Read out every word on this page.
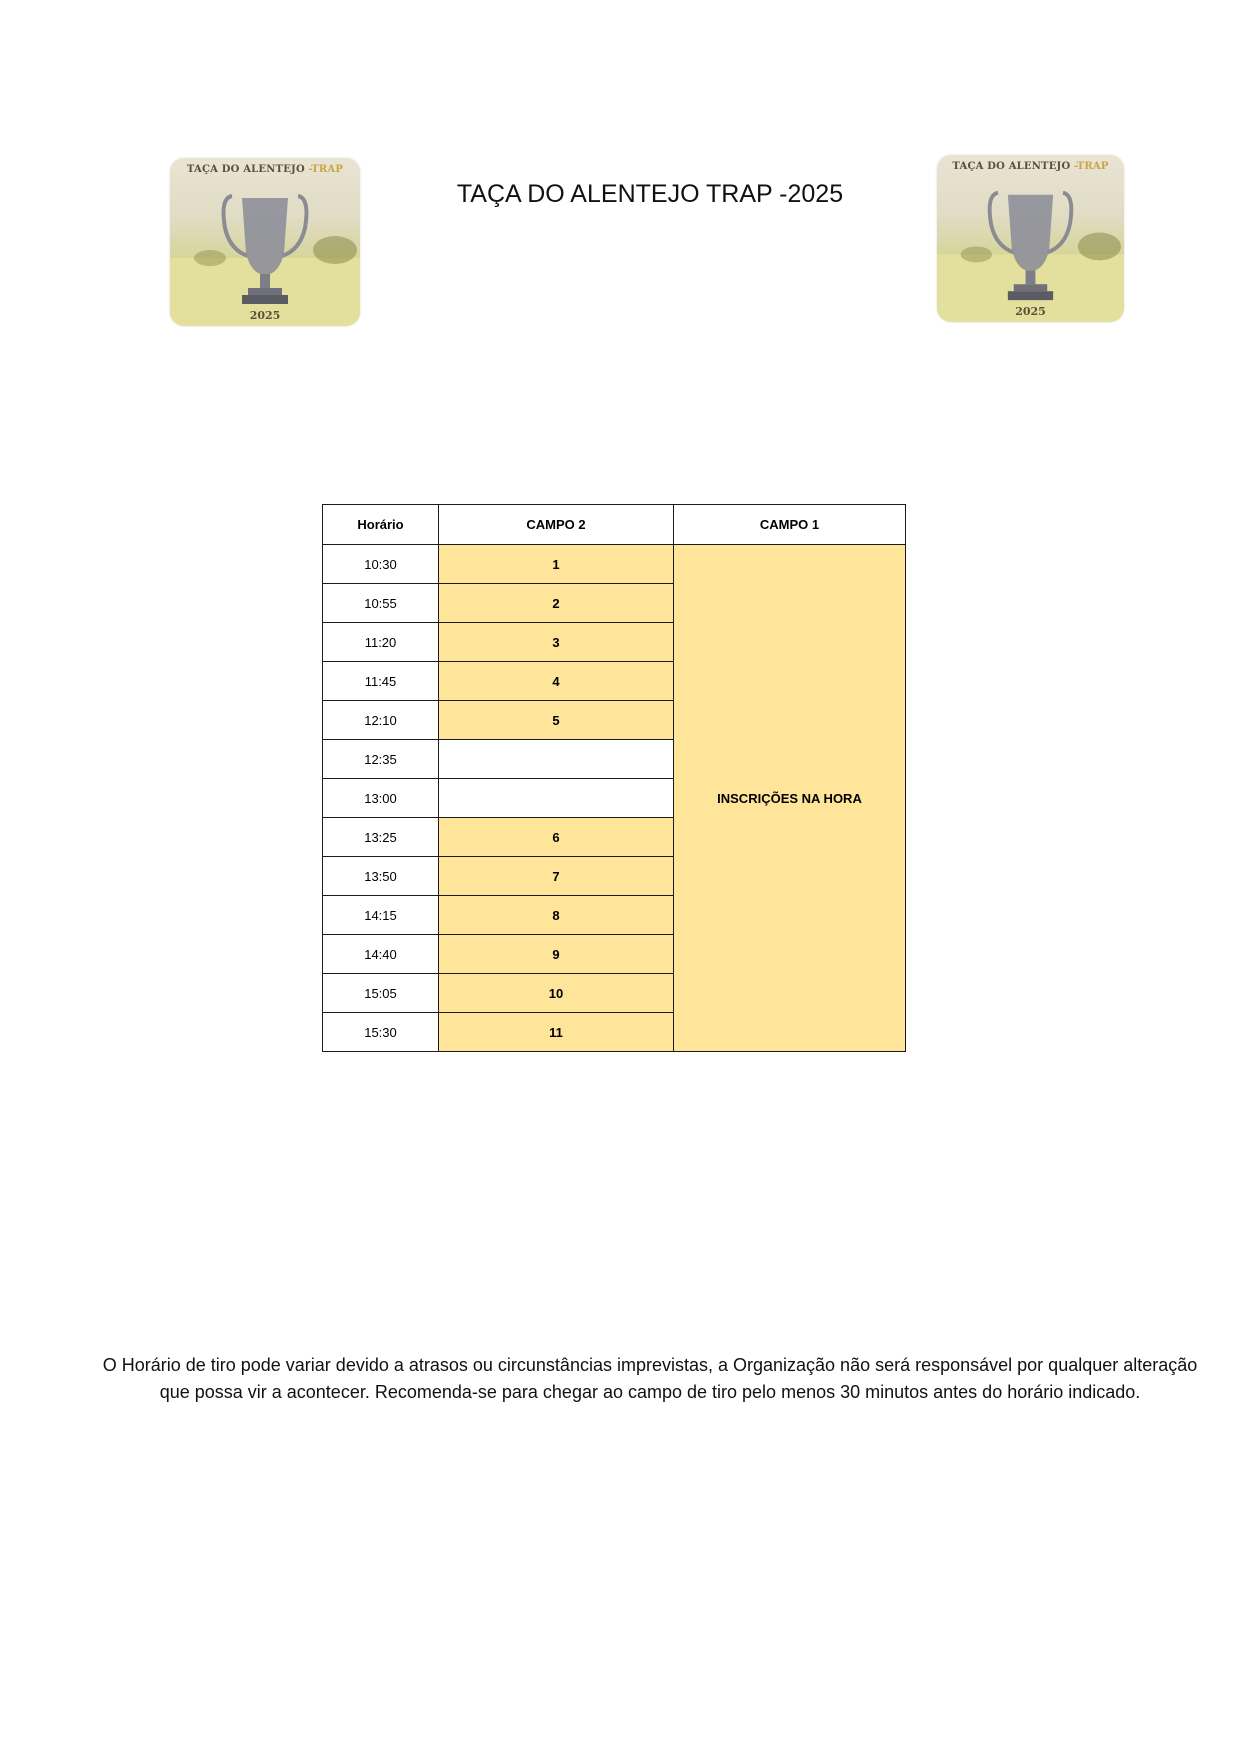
TAÇA DO ALENTEJO -TRAP
2025
TAÇA DO ALENTEJO TRAP -2025
TAÇA DO ALENTEJO -TRAP
2025
Horário	CAMPO 2	CAMPO 1
10:30	1	INSCRIÇÕES NA HORA
10:55	2	
11:20	3	
11:45	4	
12:10	5	
12:35		
13:00		
13:25	6	
13:50	7	
14:15	8	
14:40	9	
15:05	10	
15:30	11	
O Horário de tiro pode variar devido a atrasos ou circunstâncias imprevistas, a Organização não será responsável por qualquer alteração que possa vir a acontecer. Recomenda-se para chegar ao campo de tiro pelo menos 30 minutos antes do horário indicado.
